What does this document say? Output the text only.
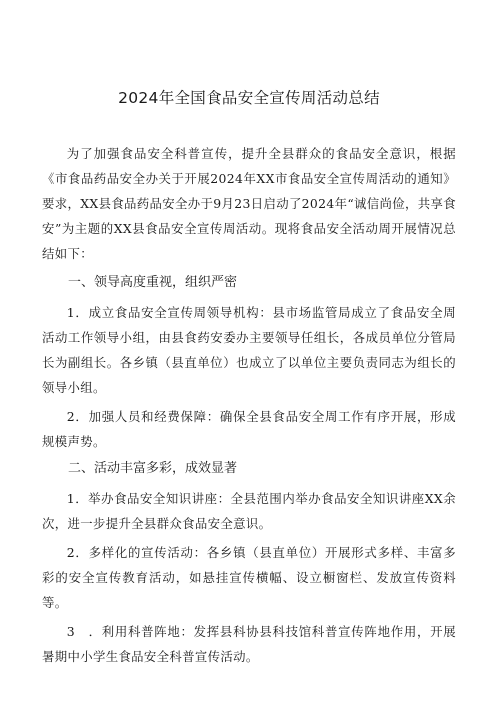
2024年全国食品安全宣传周活动总结

为了加强食品安全科普宣传，提升全县群众的食品安全意识，根据《市食品药品安全办关于开展2024年XX市食品安全宣传周活动的通知》要求，XX县食品药品安全办于9月23日启动了2024年“诚信尚俭，共享食安”为主题的XX县食品安全宣传周活动。现将食品安全活动周开展情况总结如下：

一、领导高度重视，组织严密

1．成立食品安全宣传周领导机构：县市场监管局成立了食品安全周活动工作领导小组，由县食药安委办主要领导任组长，各成员单位分管局长为副组长。各乡镇（县直单位）也成立了以单位主要负责同志为组长的领导小组。

2．加强人员和经费保障：确保全县食品安全周工作有序开展，形成规模声势。

二、活动丰富多彩，成效显著

1．举办食品安全知识讲座：全县范围内举办食品安全知识讲座XX余次，进一步提升全县群众食品安全意识。

2．多样化的宣传活动：各乡镇（县直单位）开展形式多样、丰富多彩的安全宣传教育活动，如悬挂宣传横幅、设立橱窗栏、发放宣传资料等。

3　．利用科普阵地：发挥县科协县科技馆科普宣传阵地作用，开展暑期中小学生食品安全科普宣传活动。
